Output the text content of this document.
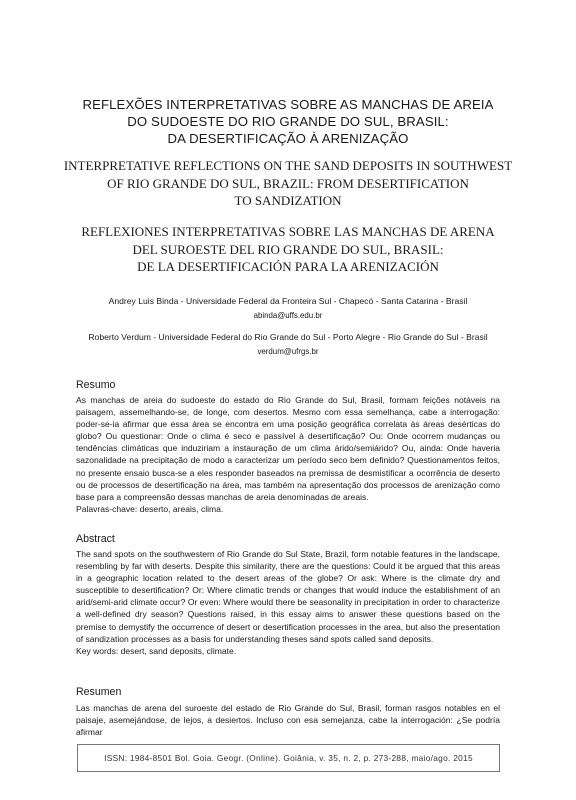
REFLEXÕES INTERPRETATIVAS SOBRE AS MANCHAS DE AREIA
DO SUDOESTE DO RIO GRANDE DO SUL, BRASIL:
DA DESERTIFICAÇÃO À ARENIZAÇÃO
INTERPRETATIVE REFLECTIONS ON THE SAND DEPOSITS IN SOUTHWEST
OF RIO GRANDE DO SUL, BRAZIL: FROM DESERTIFICATION
TO SANDIZATION
REFLEXIONES INTERPRETATIVAS SOBRE LAS MANCHAS DE ARENA
DEL SUROESTE DEL RIO GRANDE DO SUL, BRASIL:
DE LA DESERTIFICACIÓN PARA LA ARENIZACIÓN
Andrey Luis Binda - Universidade Federal da Fronteira Sul - Chapecó - Santa Catarina - Brasil
abinda@uffs.edu.br
Roberto Verdum - Universidade Federal do Rio Grande do Sul - Porto Alegre - Rio Grande do Sul - Brasil
verdum@ufrgs.br
Resumo

As manchas de areia do sudoeste do estado do Rio Grande do Sul, Brasil, formam feições notáveis na paisagem, assemelhando-se, de longe, com desertos. Mesmo com essa semelhança, cabe a interrogação: poder-se-ia afirmar que essa área se encontra em uma posição geográfica correlata às áreas desérticas do globo? Ou questionar: Onde o clima é seco e passível à desertificação? Ou: Onde ocorrem mudanças ou tendências climáticas que induziriam a instauração de um clima árido/semiárido? Ou, ainda: Onde haveria sazonalidade na precipitação de modo a caracterizar um período seco bem definido? Questionamentos feitos, no presente ensaio busca-se a eles responder baseados na premissa de desmistificar a ocorrência de deserto ou de processos de desertificação na área, mas também na apresentação dos processos de arenização como base para a compreensão dessas manchas de areia denominadas de areais.

Palavras-chave: deserto, areais, clima.

Abstract

The sand spots on the southwestern of Rio Grande do Sul State, Brazil, form notable features in the landscape, resembling by far with deserts. Despite this similarity, there are the questions: Could it be argued that this areas in a geographic location related to the desert areas of the globe? Or ask: Where is the climate dry and susceptible to desertification? Or: Where climatic trends or changes that would induce the establishment of an arid/semi-arid climate occur? Or even: Where would there be seasonality in precipitation in order to characterize a well-defined dry season? Questions raised, in this essay aims to answer these questions based on the premise to demystify the occurrence of desert or desertification processes in the area, but also the presentation of sandization processes as a basis for understanding theses sand spots called sand deposits.

Key words: desert, sand deposits, climate.

Resumen

Las manchas de arena del suroeste del estado de Rio Grande do Sul, Brasil, forman rasgos notables en el paisaje, asemejándose, de lejos, a desiertos. Incluso con esa semejanza, cabe la interrogación: ¿Se podría afirmar

ISSN: 1984-8501 Bol. Goia. Geogr. (Online). Goiânia, v. 35, n. 2, p. 273-288, maio/ago. 2015
